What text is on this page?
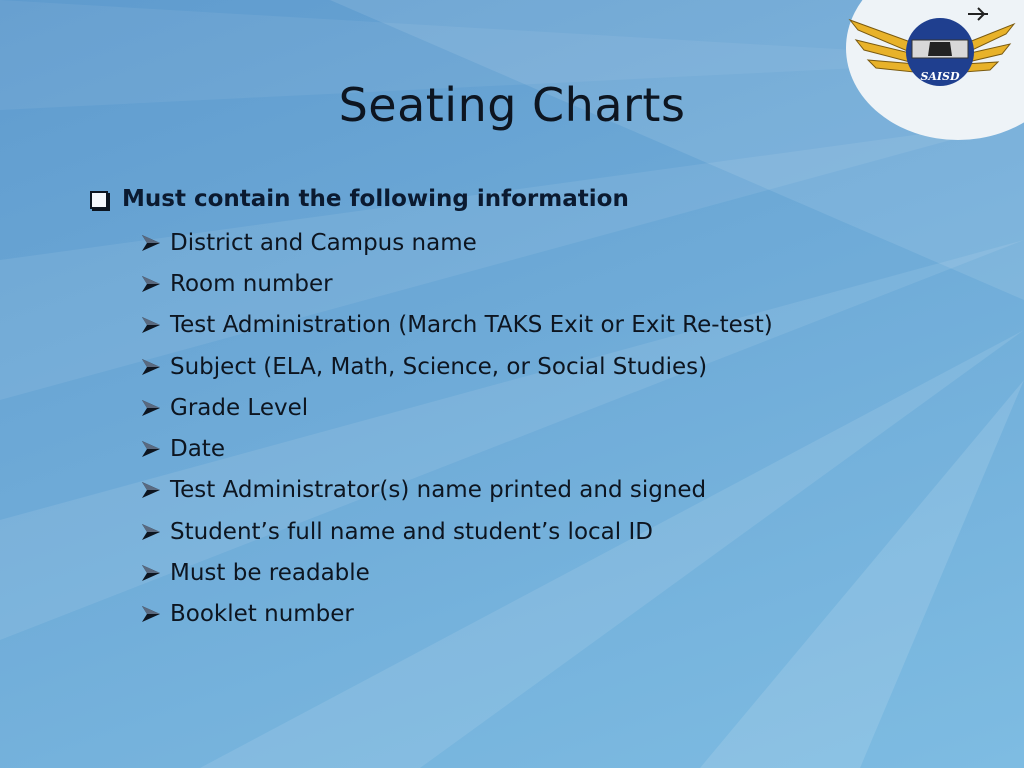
SAISD
Seating Charts
Must contain the following information
District and Campus name
Room number
Test Administration (March TAKS Exit or Exit Re-test)
Subject (ELA, Math, Science, or Social Studies)
Grade Level
Date
Test Administrator(s) name printed and signed
Student’s full name and student’s local ID
Must be readable
Booklet number
